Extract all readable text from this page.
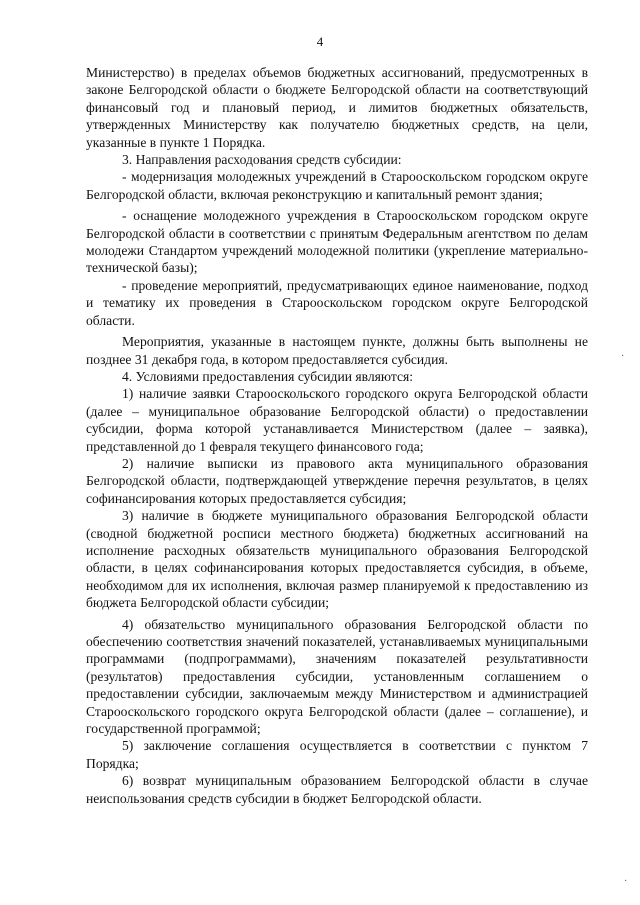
4

Министерство) в пределах объемов бюджетных ассигнований, предусмотренных в законе Белгородской области о бюджете Белгородской области на соответствующий финансовый год и плановый период, и лимитов бюджетных обязательств, утвержденных Министерству как получателю бюджетных средств, на цели, указанные в пункте 1 Порядка.

3. Направления расходования средств субсидии:

- модернизация молодежных учреждений в Старооскольском городском округе Белгородской области, включая реконструкцию и капитальный ремонт здания;

- оснащение молодежного учреждения в Старооскольском городском округе Белгородской области в соответствии с принятым Федеральным агентством по делам молодежи Стандартом учреждений молодежной политики (укрепление материально-технической базы);

- проведение мероприятий, предусматривающих единое наименование, подход и тематику их проведения в Старооскольском городском округе Белгородской области.

Мероприятия, указанные в настоящем пункте, должны быть выполнены не позднее 31 декабря года, в котором предоставляется субсидия.

4. Условиями предоставления субсидии являются:

1) наличие заявки Старооскольского городского округа Белгородской области (далее – муниципальное образование Белгородской области) о предоставлении субсидии, форма которой устанавливается Министерством (далее – заявка), представленной до 1 февраля текущего финансового года;

2) наличие выписки из правового акта муниципального образования Белгородской области, подтверждающей утверждение перечня результатов, в целях софинансирования которых предоставляется субсидия;

3) наличие в бюджете муниципального образования Белгородской области (сводной бюджетной росписи местного бюджета) бюджетных ассигнований на исполнение расходных обязательств муниципального образования Белгородской области, в целях софинансирования которых предоставляется субсидия, в объеме, необходимом для их исполнения, включая размер планируемой к предоставлению из бюджета Белгородской области субсидии;

4) обязательство муниципального образования Белгородской области по обеспечению соответствия значений показателей, устанавливаемых муниципальными программами (подпрограммами), значениям показателей результативности (результатов) предоставления субсидии, установленным соглашением о предоставлении субсидии, заключаемым между Министерством и администрацией Старооскольского городского округа Белгородской области (далее – соглашение), и государственной программой;

5) заключение соглашения осуществляется в соответствии с пунктом 7 Порядка;

6) возврат муниципальным образованием Белгородской области в случае неиспользования средств субсидии в бюджет Белгородской области.

·
·
